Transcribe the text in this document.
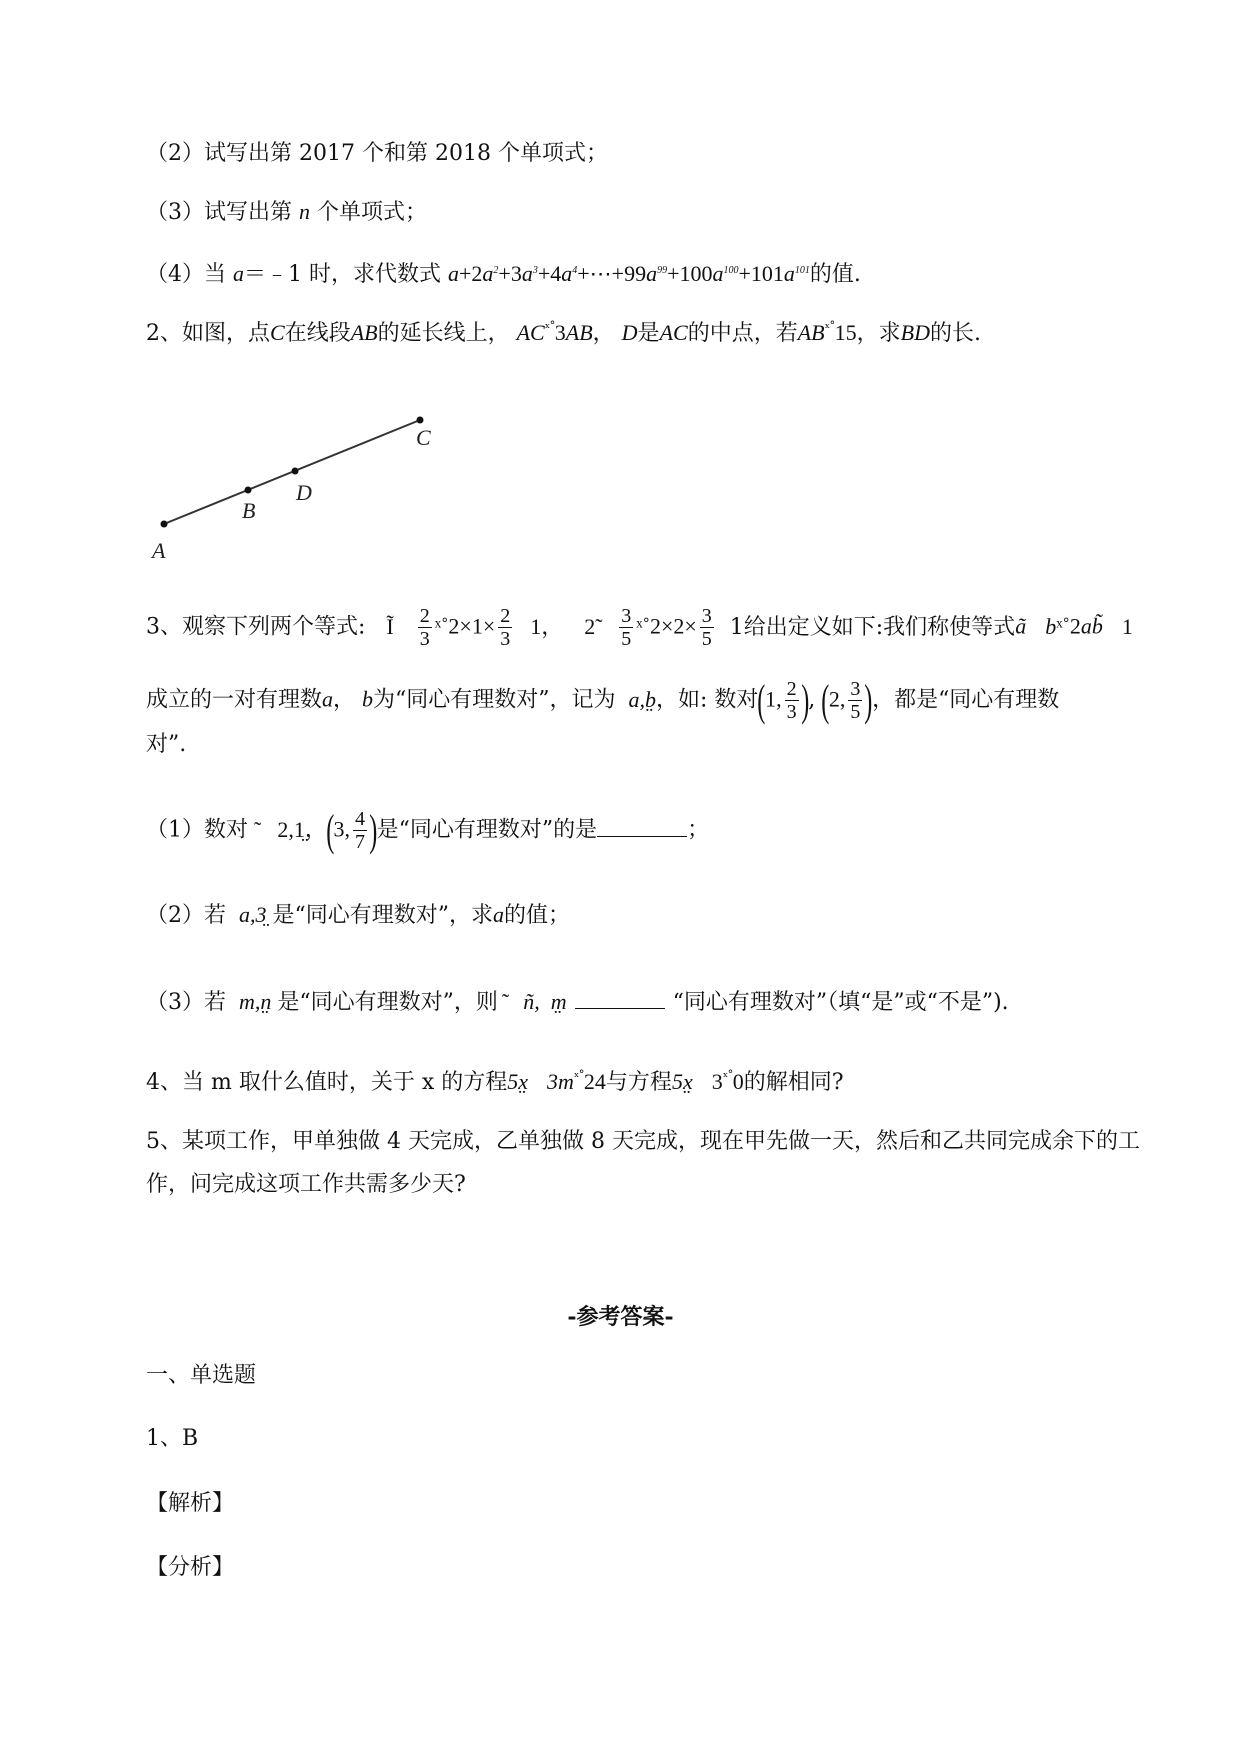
（2）试写出第 2017 个和第 2018 个单项式；
（3）试写出第 n 个单项式；
（4）当 a＝﹣1 时，求代数式 $a+2a^2+3a^3+4a^4+\cdots+99a^{99}+100a^{100}+101a^{101}$的值.
2、如图，点C在线段AB的延长线上， $AC^{ˣ˚}3AB$， D是AC的中点，若$AB^{ˣ˚}15$，求BD的长.
A
B
D
C
3、观察下列两个等式: Ĩ $\frac{2}{3}$ ˣ˚2×1× $\frac{2}{3} 1$， 2̃ $\frac{3}{5}$ ˣ˚2×2× $\frac{3}{5} 1$给出定义如下:我们称使等式ã bˣ˚2ab̃ 1
成立的一对有理数a， b为“同心有理数对”，记为 a,b̤，如: 数对(1, $\frac{2}{3}$ ), (2, $\frac{3}{5}$ )，都是“同心有理数
对”.
（1）数对 ˜ 2,1̤，(3, $\frac{4}{7}$ )是“同心有理数对”的是	；
（2）若 a,3̤ 是“同心有理数对”，求a的值；
（3）若 m,n̤ 是“同心有理数对”，则 ˜ ñ, m̤	“同心有理数对”（填“是”或“不是”).
4、当 m 取什么值时，关于 x 的方程5x̤ $3m^{ˣ˚}24$与方程5x̤ $3^{ˣ˚}0$的解相同?
5、某项工作，甲单独做 4 天完成，乙单独做 8 天完成，现在甲先做一天，然后和乙共同完成余下的工
作，问完成这项工作共需多少天?
-参考答案-
一、单选题
1、B
【解析】
【分析】
